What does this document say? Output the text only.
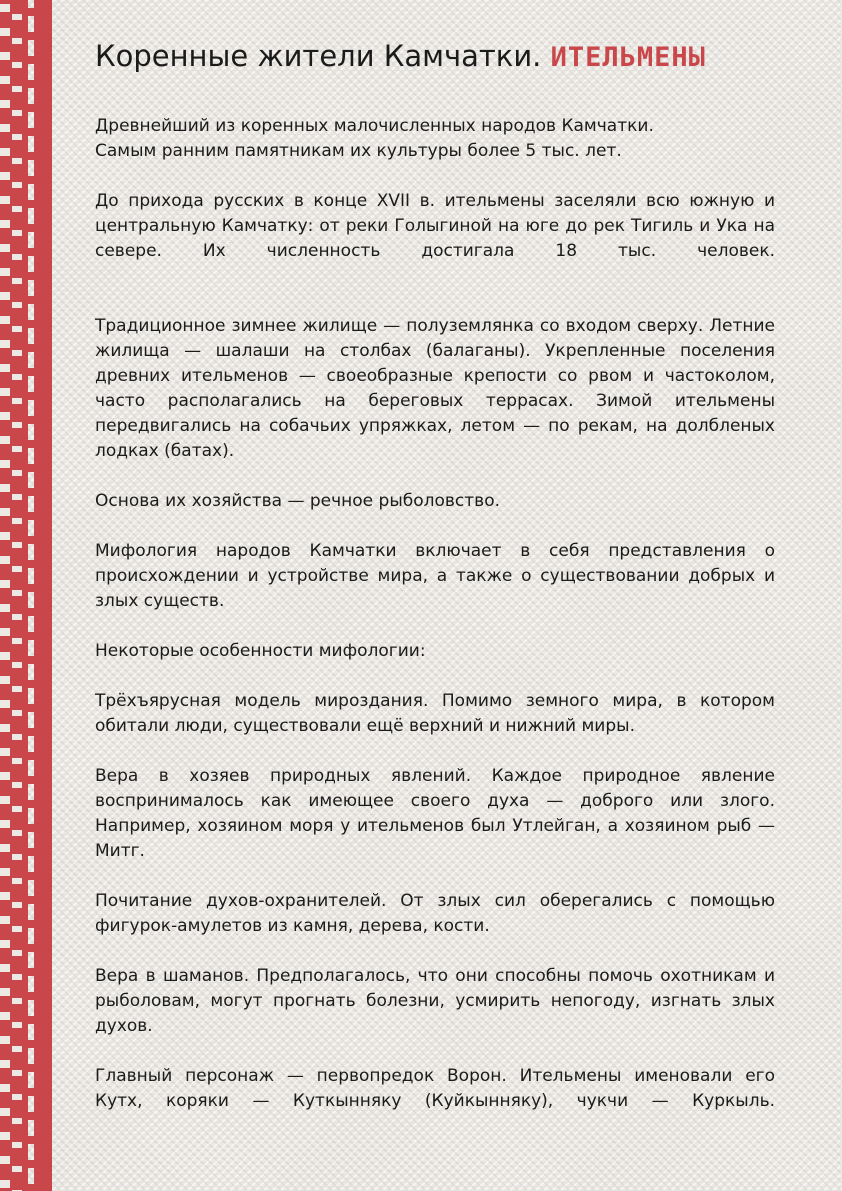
Коренные жители Камчатки. ИТЕЛЬМЕНЫ

Древнейший из коренных малочисленных народов Камчатки.
Самым ранним памятникам их культуры более 5 тыс. лет.

До прихода русских в конце XVII в. ительмены заселяли всю южную и центральную Камчатку: от реки Голыгиной на юге до рек Тигиль и Ука на севере. Их численность достигала 18 тыс. человек.

Традиционное зимнее жилище — полуземлянка со входом сверху. Летние жилища — шалаши на столбах (балаганы). Укрепленные поселения древних ительменов — своеобразные крепости со рвом и частоколом, часто располагались на береговых террасах. Зимой ительмены передвигались на собачьих упряжках, летом — по рекам, на долбленых лодках (батах).

Основа их хозяйства — речное рыболовство.

Мифология народов Камчатки включает в себя представления о происхождении и устройстве мира, а также о существовании добрых и злых существ.

Некоторые особенности мифологии:

Трёхъярусная модель мироздания. Помимо земного мира, в котором обитали люди, существовали ещё верхний и нижний миры.

Вера в хозяев природных явлений. Каждое природное явление воспринималось как имеющее своего духа — доброго или злого. Например, хозяином моря у ительменов был Утлейган, а хозяином рыб — Митг.

Почитание духов-охранителей. От злых сил оберегались с помощью фигурок-амулетов из камня, дерева, кости.

Вера в шаманов. Предполагалось, что они способны помочь охотникам и рыболовам, могут прогнать болезни, усмирить непогоду, изгнать злых духов.

Главный персонаж — первопредок Ворон. Ительмены именовали его Кутх, коряки — Куткынняку (Куйкынняку), чукчи — Куркыль.
